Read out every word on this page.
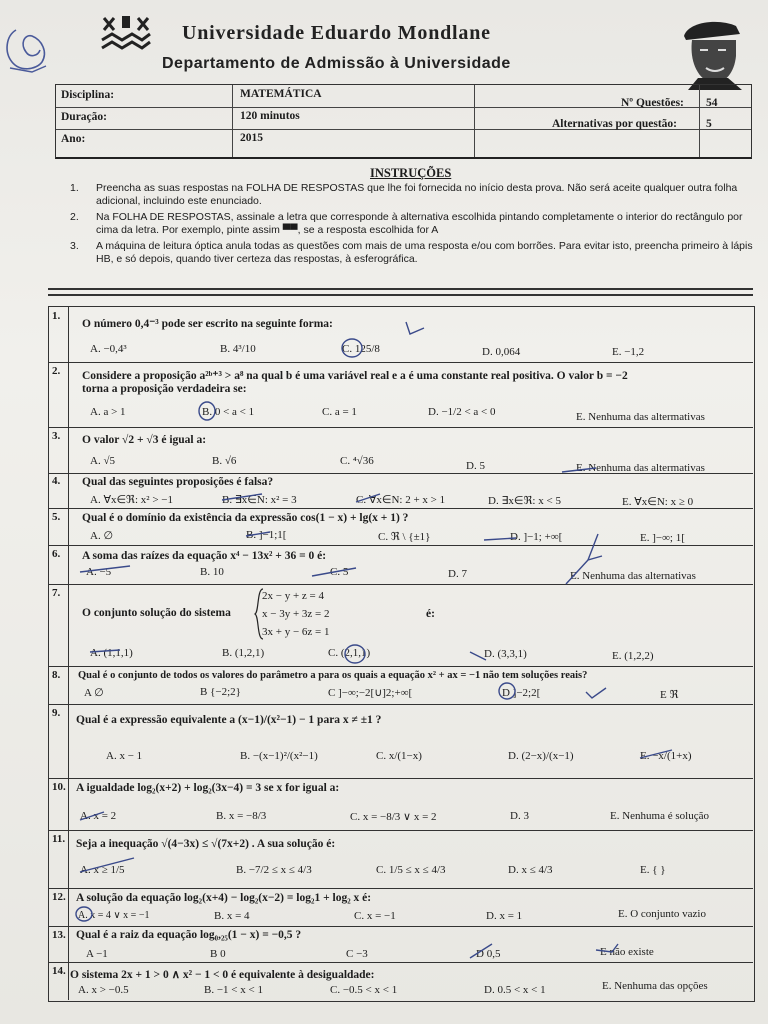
Universidade Eduardo Mondlane
Departamento de Admissão à Universidade
Disciplina:	MATEMÁTICA
Duração:	120 minutos
Ano:	2015
Nº Questões: 54
Alternativas por questão:	5
INSTRUÇÕES
1. Preencha as suas respostas na FOLHA DE RESPOSTAS que lhe foi fornecida no início desta prova. Não será aceite qualquer outra folha adicional, incluindo este enunciado.
2. Na FOLHA DE RESPOSTAS, assinale a letra que corresponde à alternativa escolhida pintando completamente o interior do rectângulo por cima da letra. Por exemplo, pinte assim ▀▀, se a resposta escolhida for A
3. A máquina de leitura óptica anula todas as questões com mais de uma resposta e/ou com borrões. Para evitar isto, preencha primeiro à lápis HB, e só depois, quando tiver certeza das respostas, à esferográfica.
1.
O número 0,4⁻³ pode ser escrito na seguinte forma:
A. −0,4³	B. 4³/10	C. 125/8	D. 0,064	E. −1,2
2. Considere a proposição a²ᵇ⁺³ > a⁸ na qual b é uma variável real e a é uma constante real positiva. O valor b = −2
torna a proposição verdadeira se:
A. a > 1	B. 0 < a < 1	C. a = 1	D. −1/2 < a < 0	E. Nenhuma das altermativas
3. O valor √2 + √3 é igual a:
A. √5	B. √6	C. ⁴√36	D. 5	E. Nenhuma das altermativas
4. Qual das seguintes proposições é falsa?
A. ∀x∈ℜ: x² > −1	B. ∃x∈N: x² = 3	C. ∀x∈N: 2 + x > 1	D. ∃x∈ℜ: x < 5	E. ∀x∈N: x ≥ 0
5. Qual é o domínio da existência da expressão cos(1 − x) + lg(x + 1) ?
A. ∅	B. ]−1;1[	C. ℜ \ {±1}	D. ]−1; +∞[	E. ]−∞; 1[
6. A soma das raízes da equação x⁴ − 13x² + 36 = 0 é:
A. −5	B. 10	C. 5	D. 7	E. Nenhuma das alternativas
7.
O conjunto solução do sistema
2x − y + z = 4
x − 3y + 3z = 2
3x + y − 6z = 1
é:
A. (1,1,1)	B. (1,2,1)	C. (2,1,1)	D. (3,3,1)	E. (1,2,2)
8. Qual é o conjunto de todos os valores do parâmetro a para os quais a equação x² + ax = −1 não tem soluções reais?
A ∅	B {−2;2}	C ]−∞;−2[∪]2;+∞[	D ]−2;2[	E ℜ
9.
Qual é a expressão equivalente a (x−1)/(x²−1) − 1 para x ≠ ±1 ?
A. x − 1	B. −(x−1)²/(x²−1)	C. x/(1−x)	D. (2−x)/(x−1)	E. −x/(1+x)
10. A igualdade log₂(x+2) + log₂(3x−4) = 3 se x for igual a:
A. x = 2	B. x = −8/3	C. x = −8/3 ∨ x = 2	D. 3	E. Nenhuma é solução
11. Seja a inequação √(4−3x) ≤ √(7x+2) . A sua solução é:
A. x ≥ 1/5	B. −7/2 ≤ x ≤ 4/3	C. 1/5 ≤ x ≤ 4/3	D. x ≤ 4/3	E. { }
12. A solução da equação log₂(x+4) − log₂(x−2) = log₂1 + log₂ x é:
A. x = 4 ∨ x = −1	B. x = 4	C. x = −1	D. x = 1	E. O conjunto vazio
13. Qual é a raiz da equação log₀,₂₅(1 − x) = −0,5 ?
A −1	B 0	C −3	D 0,5	E não existe
14. O sistema 2x + 1 > 0 ∧ x² − 1 < 0 é equivalente à desigualdade:
A. x > −0.5	B. −1 < x < 1	C. −0.5 < x < 1	D. 0.5 < x < 1	E. Nenhuma das opções
